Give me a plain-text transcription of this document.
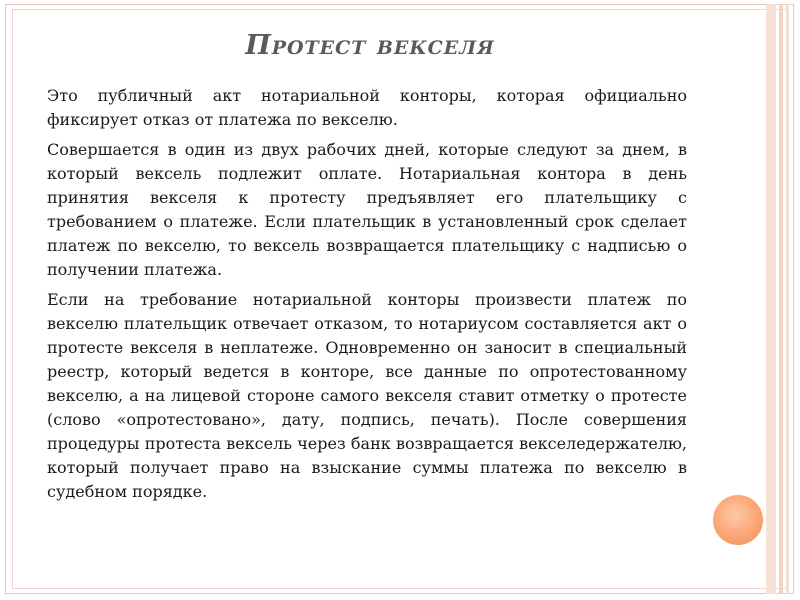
Протест векселя

Это публичный акт нотариальной конторы, которая официально фиксирует отказ от платежа по векселю.

Совершается в один из двух рабочих дней, которые следуют за днем, в который вексель подлежит оплате. Нотариальная контора в день принятия векселя к протесту предъявляет его плательщику с требованием о платеже. Если плательщик в установленный срок сделает платеж по векселю, то вексель возвращается плательщику с надписью о получении платежа.

Если на требование нотариальной конторы произвести платеж по векселю плательщик отвечает отказом, то нотариусом составляется акт о протесте векселя в неплатеже. Одновременно он заносит в специальный реестр, который ведется в конторе, все данные по опротестованному векселю, а на лицевой стороне самого векселя ставит отметку о протесте (слово «опротестовано», дату, подпись, печать). После совершения процедуры протеста вексель через банк возвращается векселедержателю, который получает право на взыскание суммы платежа по векселю в судебном порядке.
